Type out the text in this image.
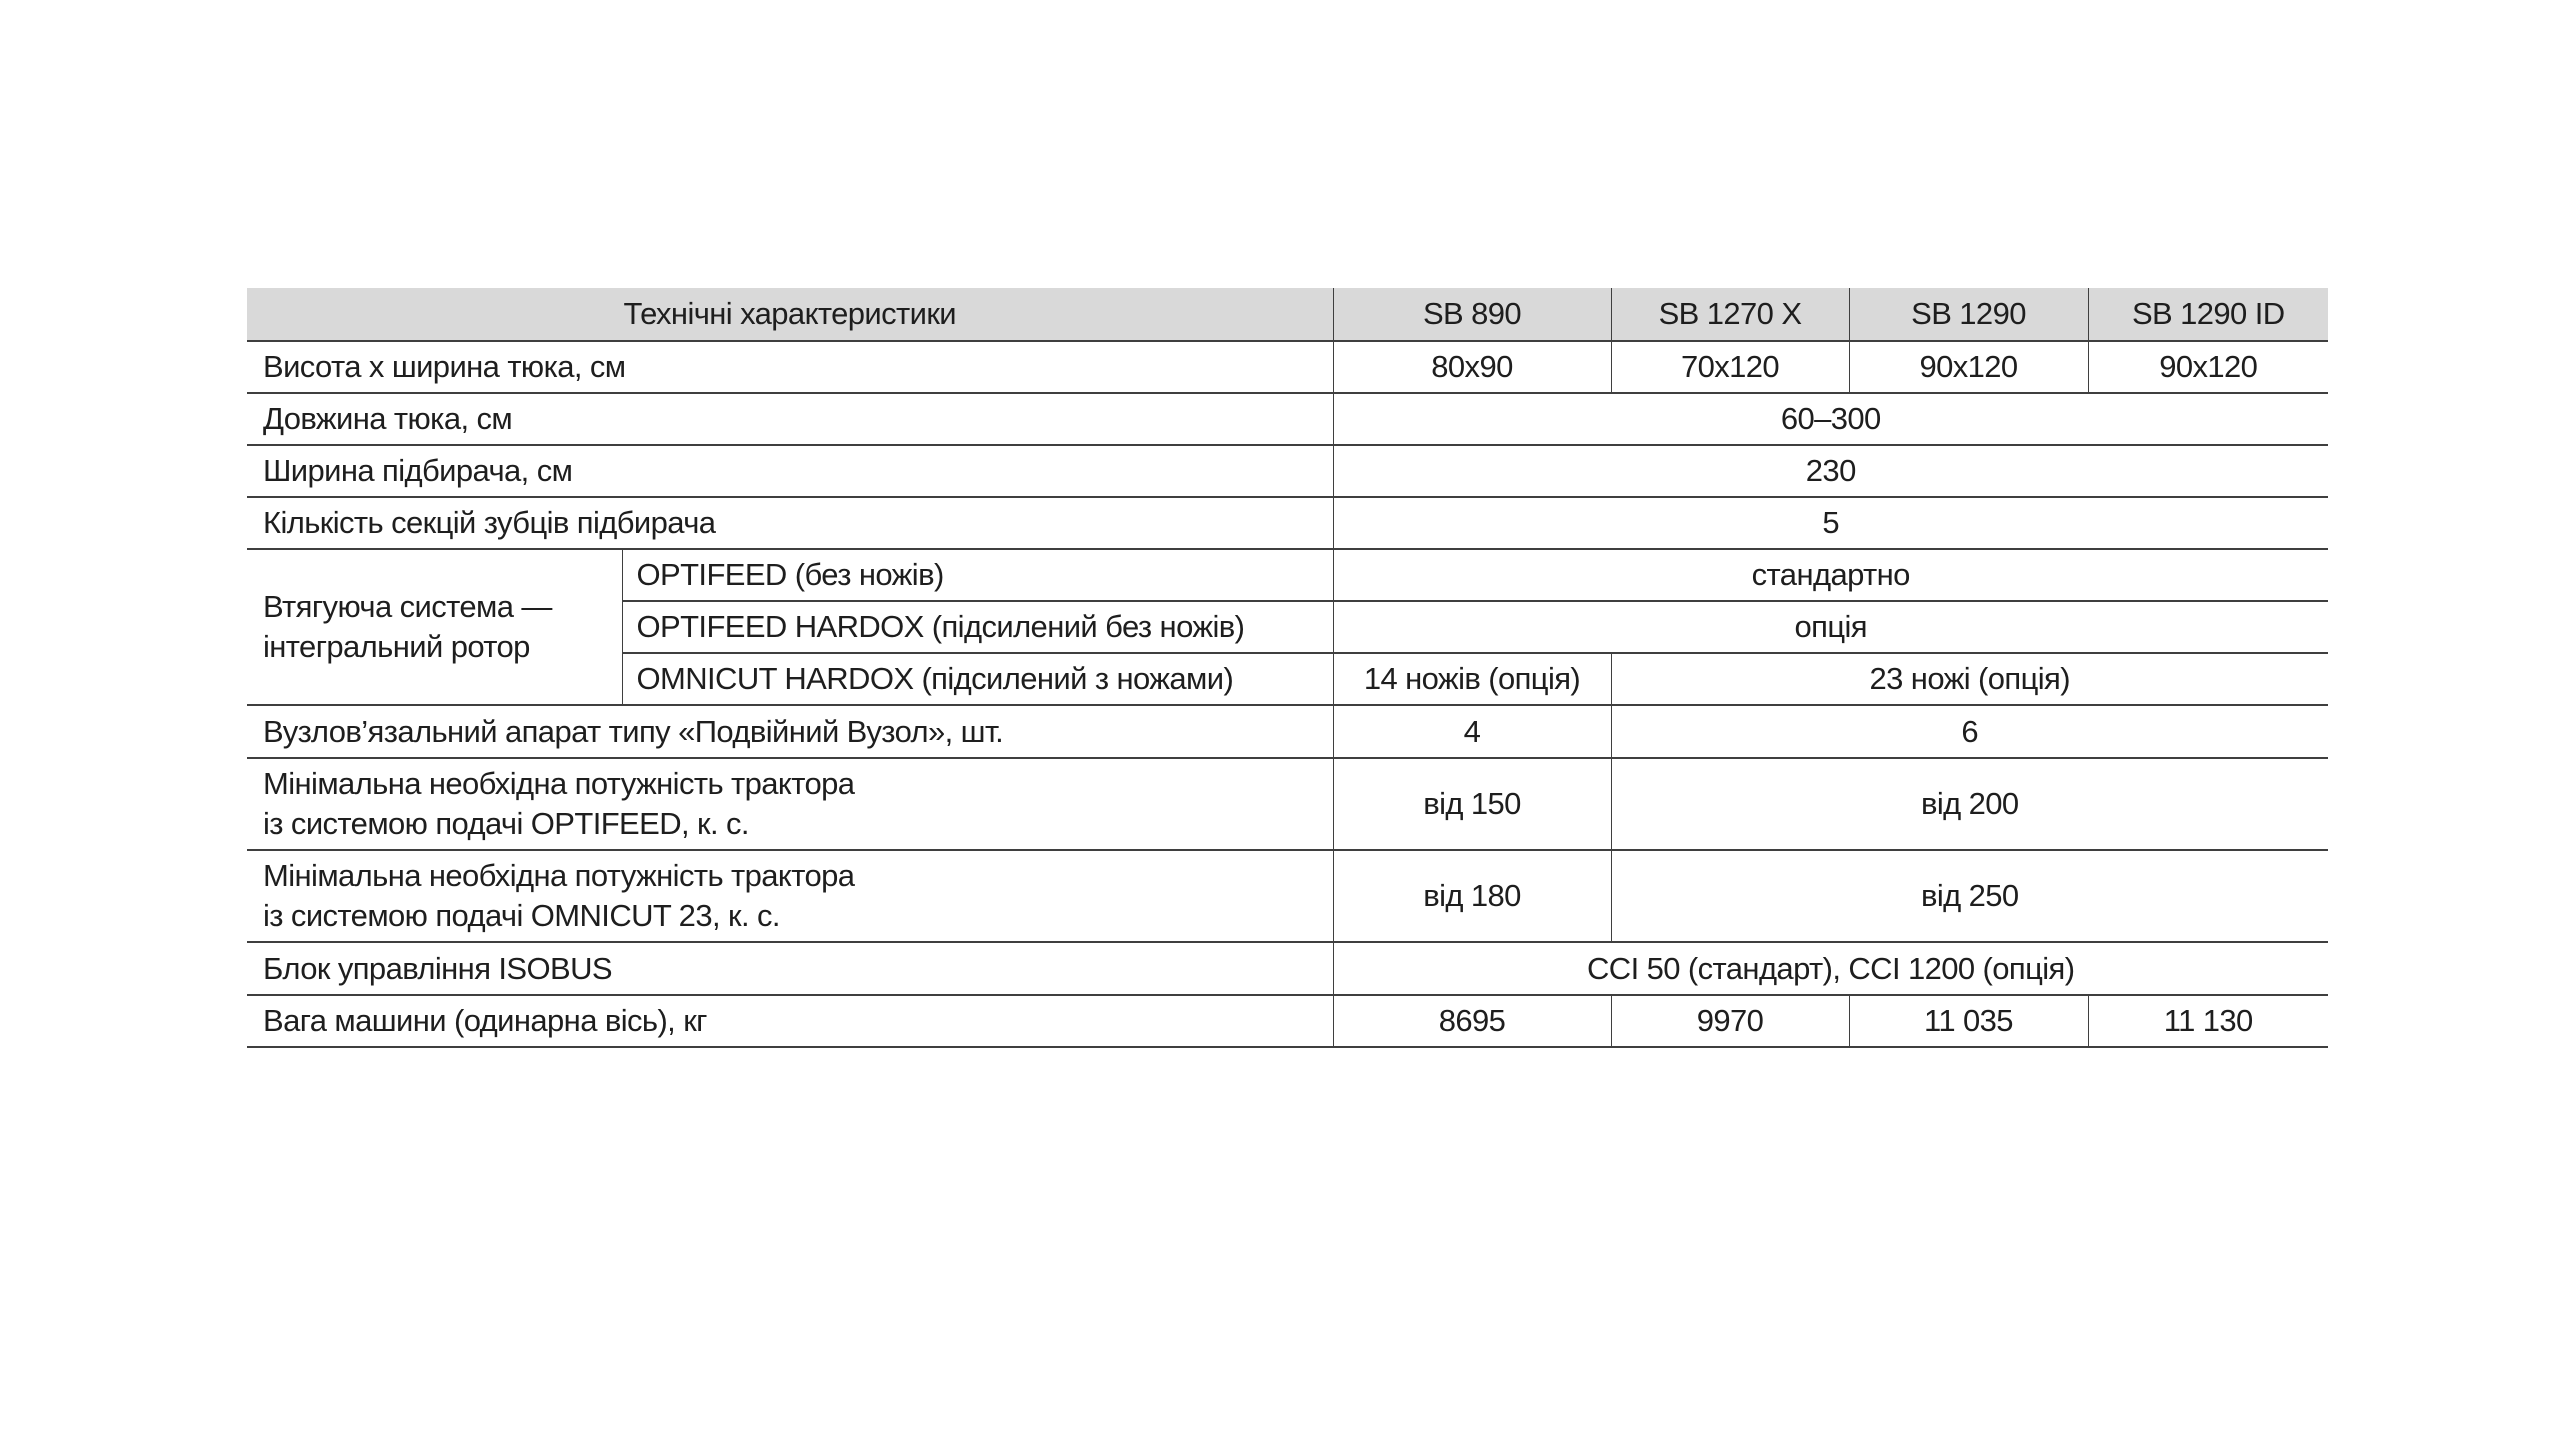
Технічні характеристики		SB 890	SB 1270 X	SB 1290	SB 1290 ID
Висота x ширина тюка, см		80x90	70x120	90x120	90x120
Довжина тюка, см		60–300			
Ширина підбирача, см		230			
Кількість секцій зубців підбирача		5			

Втягуюча система —
інтегральний ротор	OPTIFEED (без ножів)	стандартно			
	OPTIFEED HARDOX (підсилений без ножів)	опція			
	OMNICUT HARDOX (підсилений з ножами)	14 ножів (опція)	23 ножі (опція)		
Вузлов’язальний апарат типу «Подвійний Вузол», шт.		4	6		

Мінімальна необхідна потужність трактора
із системою подачі OPTIFEED, к. с.		від 150	від 200		

Мінімальна необхідна потужність трактора
із системою подачі OMNICUT 23, к. с.		від 180	від 250		
Блок управління ISOBUS		CCI 50 (стандарт), CCI 1200 (опція)			
Вага машини (одинарна вісь), кг		8695	9970	11 035	11 130
